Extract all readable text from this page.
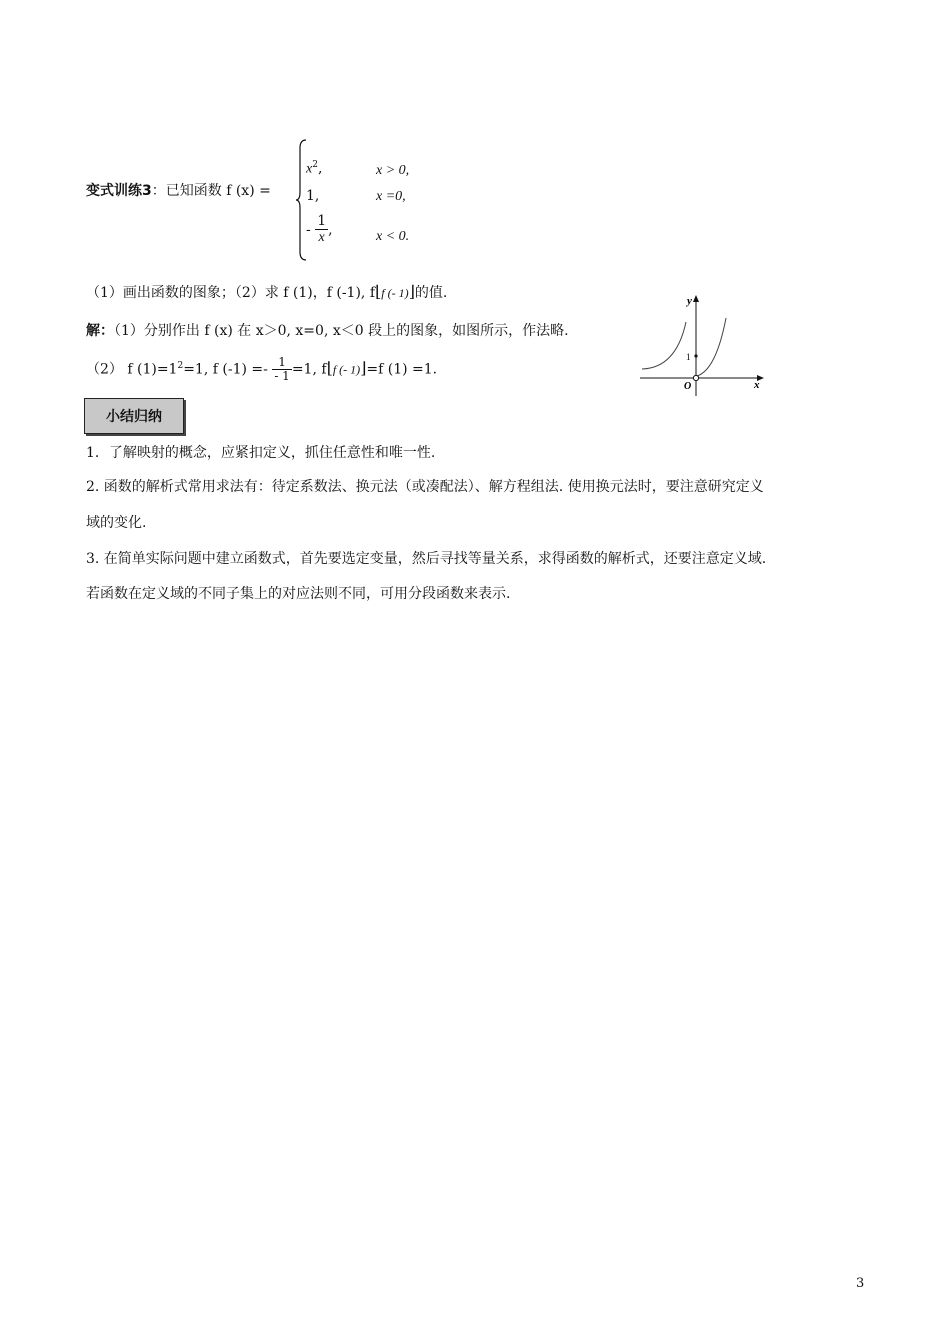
变式训练3：已知函数 f (x) =
$x^2$,	x > 0,
1,	x =0,
- $\frac{1}{x}$ ,	x < 0.
（1）画出函数的图象；（2）求 f (1)，f (-1), f⌊f (- 1)⌋的值.
解：（1）分别作出 f (x) 在 x＞0, x=0, x＜0 段上的图象，如图所示，作法略.
（2） f $(1)=1^2=1$, f $(-1) =- \frac{1}{- 1} =1$, f⌊f (- 1)⌋=f (1) =1.
y
x
O
1
小结归纳
1．了解映射的概念，应紧扣定义，抓住任意性和唯一性.
2. 函数的解析式常用求法有：待定系数法、换元法（或凑配法）、解方程组法. 使用换元法时，要注意研究定义
域的变化.
3. 在简单实际问题中建立函数式，首先要选定变量，然后寻找等量关系，求得函数的解析式，还要注意定义域.
若函数在定义域的不同子集上的对应法则不同，可用分段函数来表示.
3
